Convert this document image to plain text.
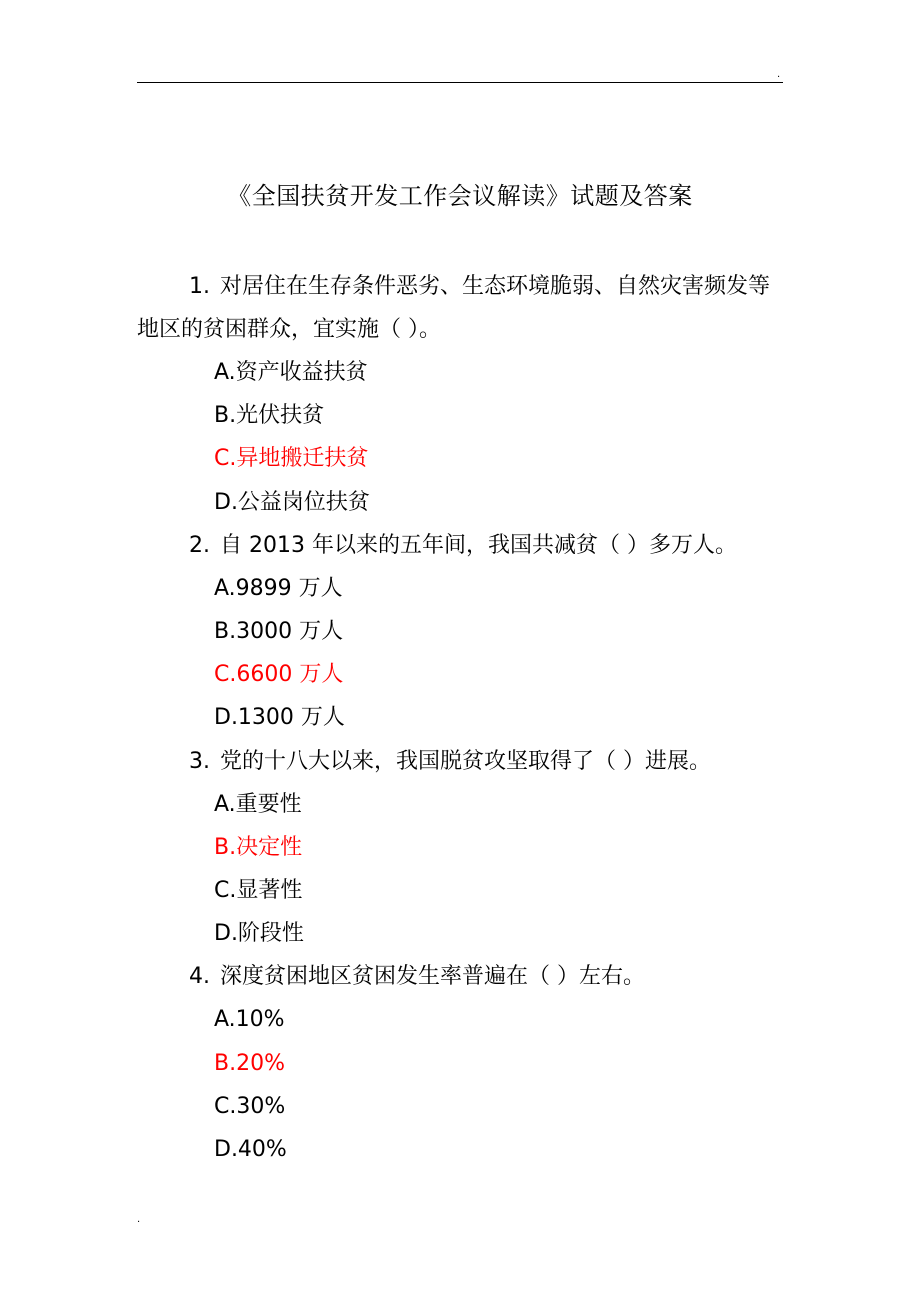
.
《全国扶贫开发工作会议解读》试题及答案

1. 对居住在生存条件恶劣、生态环境脆弱、自然灾害频发等地区的贫困群众，宜实施（ ）。

A.资产收益扶贫

B.光伏扶贫

C.异地搬迁扶贫

D.公益岗位扶贫

2. 自 2013 年以来的五年间，我国共减贫（ ）多万人。

A.9899 万人

B.3000 万人

C.6600 万人

D.1300 万人

3. 党的十八大以来，我国脱贫攻坚取得了（ ）进展。

A.重要性

B.决定性

C.显著性

D.阶段性

4. 深度贫困地区贫困发生率普遍在（ ）左右。

A.10%

B.20%

C.30%

D.40%

.
